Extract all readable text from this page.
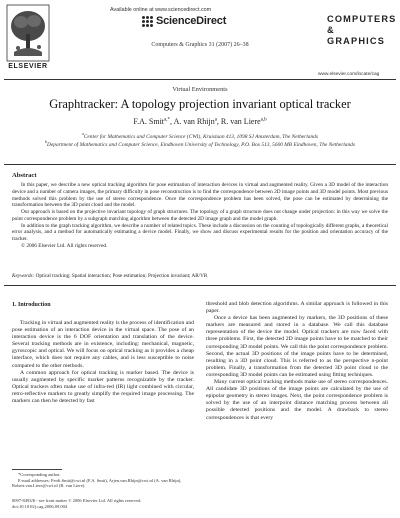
ELSEVIER
Available online at www.sciencedirect.com
ScienceDirect
Computers & Graphics 31 (2007) 26–38
COMPUTERS
& GRAPHICS
www.elsevier.com/locate/cag
Virtual Environments
Graphtracker: A topology projection invariant optical tracker
F.A. Smit$^{a,*}$, A. van Rhijn$^a$, R. van Liere$^{a,b}$
$^a$Center for Mathematics and Computer Science (CWI), Kruislaan 413, 1098 SJ Amsterdam, The Netherlands
$^b$Department of Mathematics and Computer Science, Eindhoven University of Technology, P.O. Box 513, 5600 MB Eindhoven, The Netherlands
Abstract

In this paper, we describe a new optical tracking algorithm for pose estimation of interaction devices in virtual and augmented reality. Given a 3D model of the interaction device and a number of camera images, the primary difficulty in pose reconstruction is to find the correspondence between 2D image points and 3D model points. Most previous methods solved this problem by the use of stereo correspondence. Once the correspondence problem has been solved, the pose can be estimated by determining the transformation between the 3D point cloud and the model.

Our approach is based on the projective invariant topology of graph structures. The topology of a graph structure does not change under projection: in this way we solve the point correspondence problem by a subgraph matching algorithm between the detected 2D image graph and the model graph.

In addition to the graph tracking algorithm, we describe a number of related topics. These include a discussion on the counting of topologically different graphs, a theoretical error analysis, and a method for automatically estimating a device model. Finally, we show and discuss experimental results for the position and orientation accuracy of the tracker.

© 2006 Elsevier Ltd. All rights reserved.

Keywords: Optical tracking; Spatial interaction; Pose estimation; Projection invariant; AR/VR
1. Introduction

Tracking in virtual and augmented reality is the process of identification and pose estimation of an interaction device in the virtual space. The pose of an interaction device is the 6 DOF orientation and translation of the device. Several tracking methods are in existence, including: mechanical, magnetic, gyroscopic and optical. We will focus on optical tracking as it provides a cheap interface, which does not require any cables, and is less susceptible to noise compared to the other methods.

A common approach for optical tracking is marker based. The device is usually augmented by specific marker patterns recognizable by the tracker. Optical trackers often make use of infra-red (IR) light combined with circular, retro-reflective markers to greatly simplify the required image processing. The markers can then be detected by fast

threshold and blob detection algorithms. A similar approach is followed in this paper.

Once a device has been augmented by markers, the 3D positions of these markers are measured and stored in a database. We call this database representation of the device the model. Optical trackers are now faced with three problems. First, the detected 2D image points have to be matched to their corresponding 3D model points. We call this the point correspondence problem. Second, the actual 3D positions of the image points have to be determined, resulting in a 3D point cloud. This is referred to as the perspective n-point problem. Finally, a transformation from the detected 3D point cloud to the corresponding 3D model points can be estimated using fitting techniques.

Many current optical tracking methods make use of stereo correspondences. All candidate 3D positions of the image points are calculated by the use of epipolar geometry in stereo images. Next, the point correspondence problem is solved by the use of an interpoint distance matching process between all possible detected positions and the model. A drawback to stereo correspondences is that every

*Corresponding author.

E-mail addresses: Ferdi.Smit@cwi.nl (F.A. Smit), Arjen.van.Rhijn@cwi.nl (A. van Rhijn), Robert.van.Liere@cwi.nl (R. van Liere).

0097-8493/$ - see front matter © 2006 Elsevier Ltd. All rights reserved.
doi:10.1016/j.cag.2006.09.004
